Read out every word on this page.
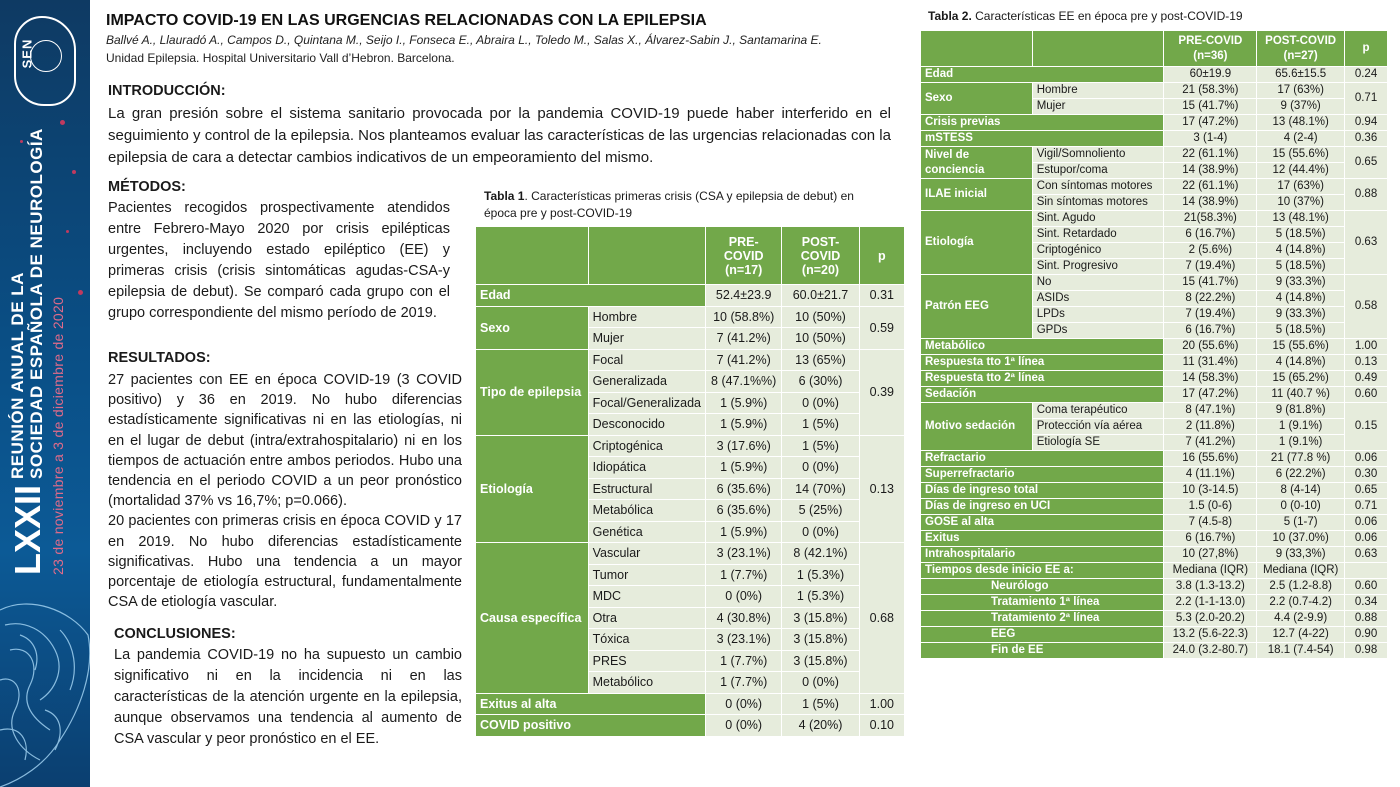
SEN
LXXII
REUNIÓN ANUAL DE LA SOCIEDAD ESPAÑOLA DE NEUROLOGÍA 23 de noviembre a 3 de diciembre de 2020
IMPACTO COVID-19 EN LAS URGENCIAS RELACIONADAS CON LA EPILEPSIA
Ballvé A., Llauradó A., Campos D., Quintana M., Seijo I., Fonseca E., Abraira L., Toledo M., Salas X., Álvarez-Sabin J., Santamarina E.
Unidad Epilepsia. Hospital Universitario Vall d’Hebron. Barcelona.
INTRODUCCIÓN:
La gran presión sobre el sistema sanitario provocada por la pandemia COVID-19 puede haber interferido en el seguimiento y control de la epilepsia. Nos planteamos evaluar las características de las urgencias relacionadas con la epilepsia de cara a detectar cambios indicativos de un empeoramiento del mismo.
MÉTODOS:
Pacientes recogidos prospectivamente atendidos entre Febrero-Mayo 2020 por crisis epilépticas urgentes, incluyendo estado epiléptico (EE) y primeras crisis (crisis sintomáticas agudas-CSA-y epilepsia de debut). Se comparó cada grupo con el grupo correspondiente del mismo período de 2019.
RESULTADOS:
27 pacientes con EE en época COVID-19 (3 COVID positivo) y 36 en 2019. No hubo diferencias estadísticamente significativas ni en las etiologías, ni en el lugar de debut (intra/extrahospitalario) ni en los tiempos de actuación entre ambos periodos. Hubo una tendencia en el periodo COVID a un peor pronóstico (mortalidad 37% vs 16,7%; p=0.066).
20 pacientes con primeras crisis en época COVID y 17 en 2019. No hubo diferencias estadísticamente significativas. Hubo una tendencia a un mayor porcentaje de etiología estructural, fundamentalmente CSA de etiología vascular.
CONCLUSIONES:
La pandemia COVID-19 no ha supuesto un cambio significativo ni en la incidencia ni en las características de la atención urgente en la epilepsia, aunque observamos una tendencia al aumento de CSA vascular y peor pronóstico en el EE.
Tabla 1. Características primeras crisis (CSA y epilepsia de debut) en época pre y post-COVID-19
		PRE-COVID (n=17)	POST-COVID (n=20)	p
Edad		52.4±23.9	60.0±21.7	0.31
Sexo	Hombre	10 (58.8%)	10 (50%)	0.59
	Mujer	7 (41.2%)	10 (50%)	
Tipo de epilepsia	Focal	7 (41.2%)	13 (65%)	0.39
	Generalizada	8 (47.1%%)	6 (30%)	
	Focal/Generalizada	1 (5.9%)	0 (0%)	
	Desconocido	1 (5.9%)	1 (5%)	
Etiología	Criptogénica	3 (17.6%)	1 (5%)	0.13
	Idiopática	1 (5.9%)	0 (0%)	
	Estructural	6 (35.6%)	14 (70%)	
	Metabólica	6 (35.6%)	5 (25%)	
	Genética	1 (5.9%)	0 (0%)	
Causa específica	Vascular	3 (23.1%)	8 (42.1%)	0.68
	Tumor	1 (7.7%)	1 (5.3%)	
	MDC	0 (0%)	1 (5.3%)	
	Otra	4 (30.8%)	3 (15.8%)	
	Tóxica	3 (23.1%)	3 (15.8%)	
	PRES	1 (7.7%)	3 (15.8%)	
	Metabólico	1 (7.7%)	0 (0%)	
Exitus al alta		0 (0%)	1 (5%)	1.00
COVID positivo		0 (0%)	4 (20%)	0.10
Tabla 2. Características EE en época pre y post-COVID-19
		PRE-COVID (n=36)	POST-COVID (n=27)	p
Edad		60±19.9	65.6±15.5	0.24
Sexo	Hombre	21 (58.3%)	17 (63%)	0.71
	Mujer	15 (41.7%)	9 (37%)	
Crisis previas		17 (47.2%)	13 (48.1%)	0.94
mSTESS		3 (1-4)	4 (2-4)	0.36
Nivel de conciencia	Vigil/Somnoliento	22 (61.1%)	15 (55.6%)	0.65
	Estupor/coma	14 (38.9%)	12 (44.4%)	
ILAE inicial	Con síntomas motores	22 (61.1%)	17 (63%)	0.88
	Sin síntomas motores	14 (38.9%)	10 (37%)	
Etiología	Sint. Agudo	21(58.3%)	13 (48.1%)	0.63
	Sint. Retardado	6 (16.7%)	5 (18.5%)	
	Criptogénico	2 (5.6%)	4 (14.8%)	
	Sint. Progresivo	7 (19.4%)	5 (18.5%)	
Patrón EEG	No	15 (41.7%)	9 (33.3%)	0.58
	ASIDs	8 (22.2%)	4 (14.8%)	
	LPDs	7 (19.4%)	9 (33.3%)	
	GPDs	6 (16.7%)	5 (18.5%)	
Metabólico		20 (55.6%)	15 (55.6%)	1.00
Respuesta tto 1ª línea		11 (31.4%)	4 (14.8%)	0.13
Respuesta tto 2ª línea		14 (58.3%)	15 (65.2%)	0.49
Sedación		17 (47.2%)	11 (40.7 %)	0.60
Motivo sedación	Coma terapéutico	8 (47.1%)	9 (81.8%)	0.15
	Protección vía aérea	2 (11.8%)	1 (9.1%)	
	Etiología SE	7 (41.2%)	1 (9.1%)	
Refractario		16 (55.6%)	21 (77.8 %)	0.06
Superrefractario		4 (11.1%)	6 (22.2%)	0.30
Días de ingreso total		10 (3-14.5)	8 (4-14)	0.65
Días de ingreso en UCI		1.5 (0-6)	0 (0-10)	0.71
GOSE al alta		7 (4.5-8)	5 (1-7)	0.06
Exitus		6 (16.7%)	10 (37.0%)	0.06
Intrahospitalario		10 (27,8%)	9 (33,3%)	0.63
Tiempos desde inicio EE a:		Mediana (IQR)	Mediana (IQR)	
Neurólogo		3.8 (1.3-13.2)	2.5 (1.2-8.8)	0.60
Tratamiento 1ª línea		2.2 (1-1-13.0)	2.2 (0.7-4.2)	0.34
Tratamiento 2ª línea		5.3 (2.0-20.2)	4.4 (2-9.9)	0.88
EEG		13.2 (5.6-22.3)	12.7 (4-22)	0.90
Fin de EE		24.0 (3.2-80.7)	18.1 (7.4-54)	0.98
